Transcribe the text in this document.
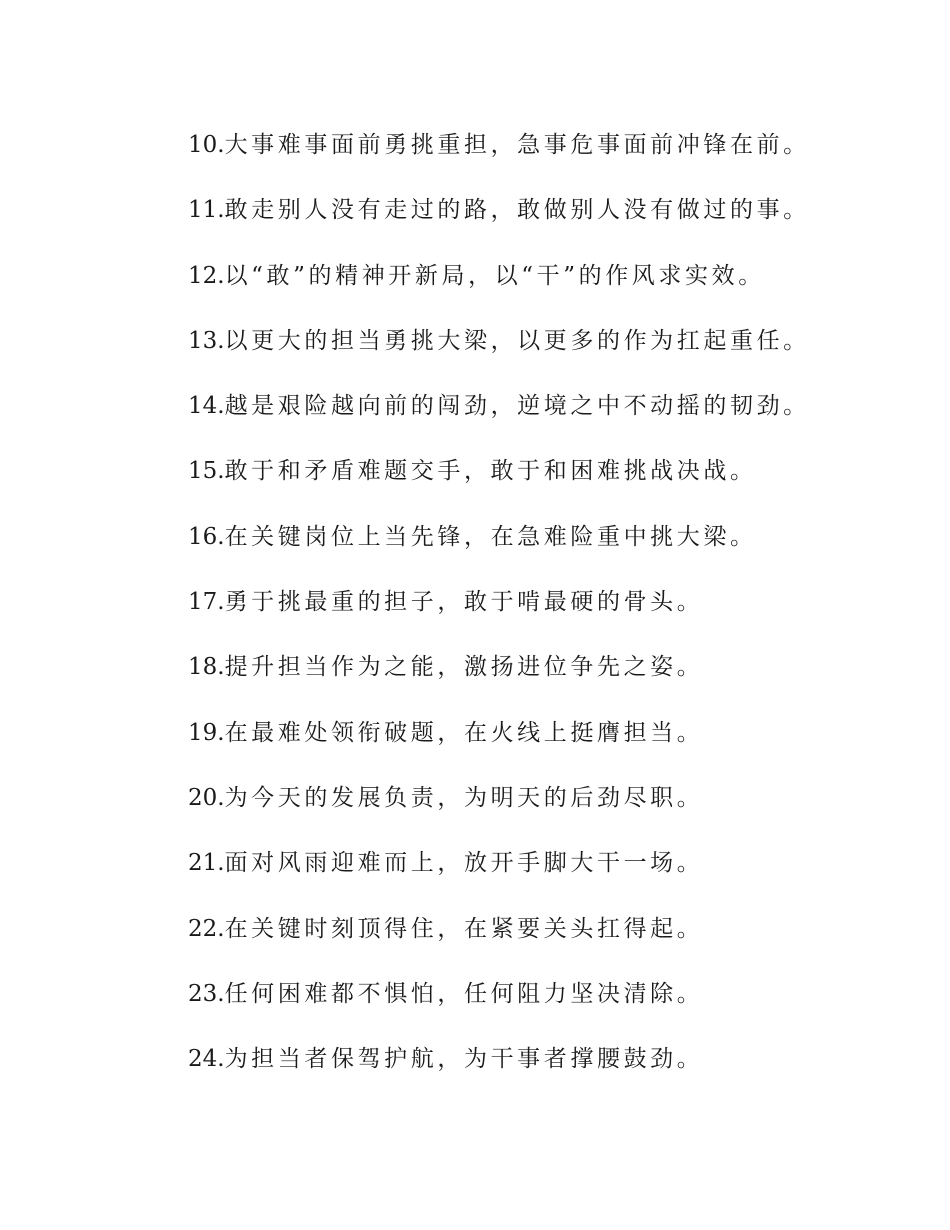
10.大事难事面前勇挑重担，急事危事面前冲锋在前。
11.敢走别人没有走过的路，敢做别人没有做过的事。
12.以“敢”的精神开新局，以“干”的作风求实效。
13.以更大的担当勇挑大梁，以更多的作为扛起重任。
14.越是艰险越向前的闯劲，逆境之中不动摇的韧劲。
15.敢于和矛盾难题交手，敢于和困难挑战决战。
16.在关键岗位上当先锋，在急难险重中挑大梁。
17.勇于挑最重的担子，敢于啃最硬的骨头。
18.提升担当作为之能，激扬进位争先之姿。
19.在最难处领衔破题，在火线上挺膺担当。
20.为今天的发展负责，为明天的后劲尽职。
21.面对风雨迎难而上，放开手脚大干一场。
22.在关键时刻顶得住，在紧要关头扛得起。
23.任何困难都不惧怕，任何阻力坚决清除。
24.为担当者保驾护航，为干事者撑腰鼓劲。
